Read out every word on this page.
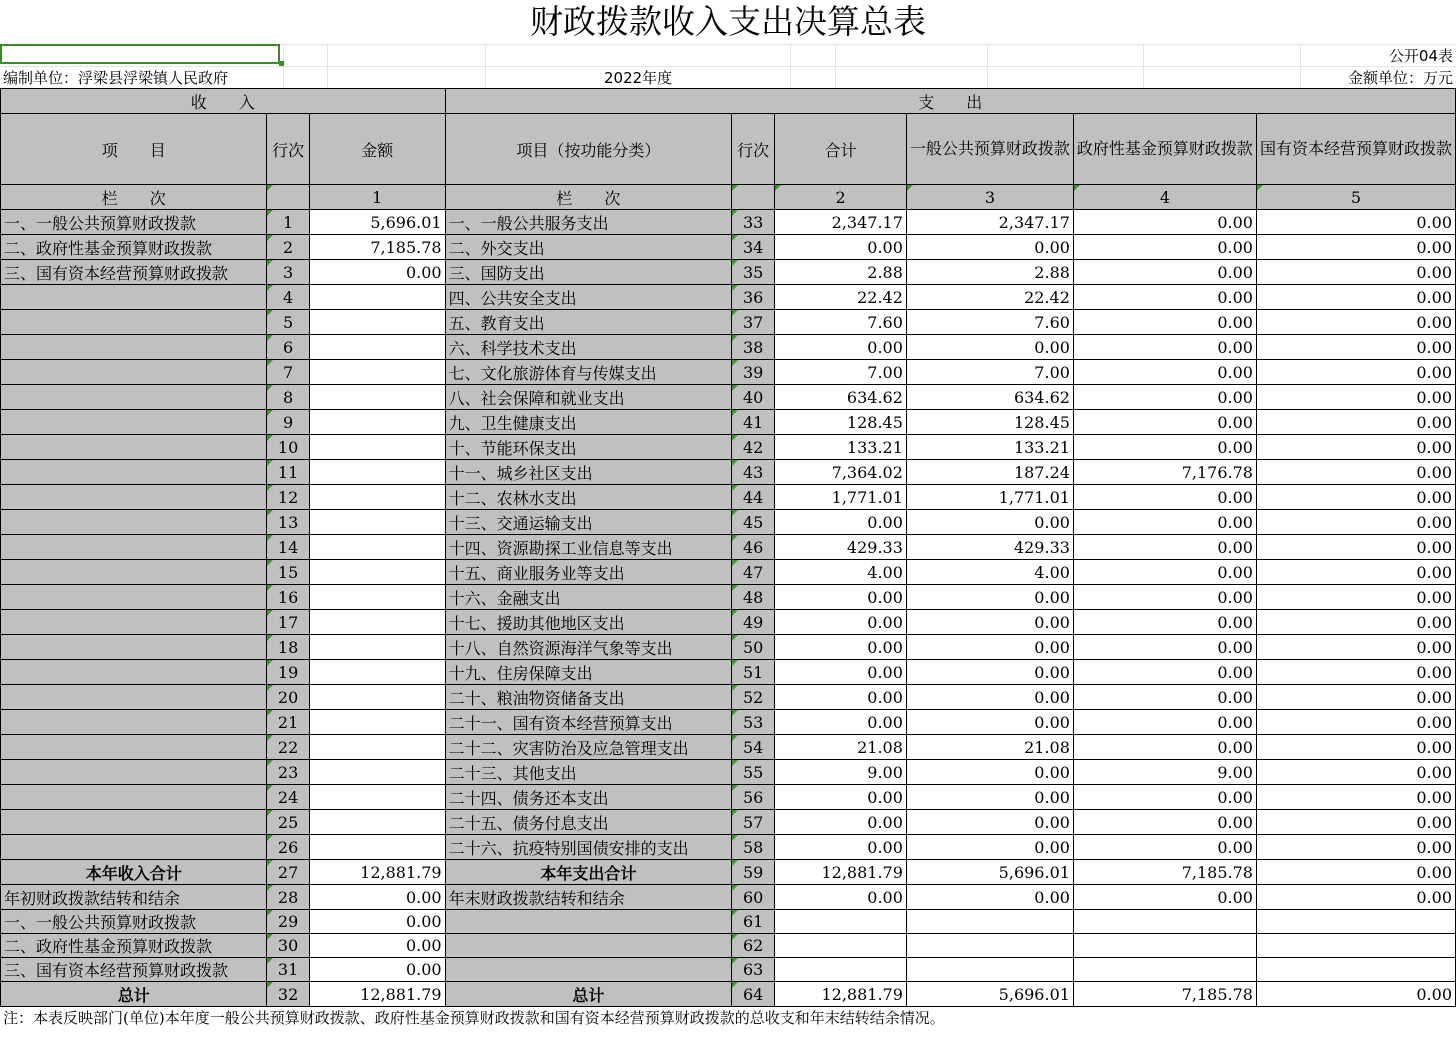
财政拨款收入支出决算总表
公开04表
编制单位：浮梁县浮梁镇人民政府	2022年度	金额单位：万元
收　　入			支　　出					
项　　目	行次	金额	项目（按功能分类）	行次	合计	一般公共预算财政拨款	政府性基金预算财政拨款	国有资本经营预算财政拨款
栏　　次		1	栏　　次		2	3	4	5
一、一般公共预算财政拨款	1	5,696.01	一、一般公共服务支出	33	2,347.17	2,347.17	0.00	0.00
二、政府性基金预算财政拨款	2	7,185.78	二、外交支出	34	0.00	0.00	0.00	0.00
三、国有资本经营预算财政拨款	3	0.00	三、国防支出	35	2.88	2.88	0.00	0.00
	4		四、公共安全支出	36	22.42	22.42	0.00	0.00
	5		五、教育支出	37	7.60	7.60	0.00	0.00
	6		六、科学技术支出	38	0.00	0.00	0.00	0.00
	7		七、文化旅游体育与传媒支出	39	7.00	7.00	0.00	0.00
	8		八、社会保障和就业支出	40	634.62	634.62	0.00	0.00
	9		九、卫生健康支出	41	128.45	128.45	0.00	0.00
	10		十、节能环保支出	42	133.21	133.21	0.00	0.00
	11		十一、城乡社区支出	43	7,364.02	187.24	7,176.78	0.00
	12		十二、农林水支出	44	1,771.01	1,771.01	0.00	0.00
	13		十三、交通运输支出	45	0.00	0.00	0.00	0.00
	14		十四、资源勘探工业信息等支出	46	429.33	429.33	0.00	0.00
	15		十五、商业服务业等支出	47	4.00	4.00	0.00	0.00
	16		十六、金融支出	48	0.00	0.00	0.00	0.00
	17		十七、援助其他地区支出	49	0.00	0.00	0.00	0.00
	18		十八、自然资源海洋气象等支出	50	0.00	0.00	0.00	0.00
	19		十九、住房保障支出	51	0.00	0.00	0.00	0.00
	20		二十、粮油物资储备支出	52	0.00	0.00	0.00	0.00
	21		二十一、国有资本经营预算支出	53	0.00	0.00	0.00	0.00
	22		二十二、灾害防治及应急管理支出	54	21.08	21.08	0.00	0.00
	23		二十三、其他支出	55	9.00	0.00	9.00	0.00
	24		二十四、债务还本支出	56	0.00	0.00	0.00	0.00
	25		二十五、债务付息支出	57	0.00	0.00	0.00	0.00
	26		二十六、抗疫特别国债安排的支出	58	0.00	0.00	0.00	0.00
本年收入合计	27	12,881.79	本年支出合计	59	12,881.79	5,696.01	7,185.78	0.00
年初财政拨款结转和结余	28	0.00	年末财政拨款结转和结余	60	0.00	0.00	0.00	0.00
一、一般公共预算财政拨款	29	0.00		61				
二、政府性基金预算财政拨款	30	0.00		62				
三、国有资本经营预算财政拨款	31	0.00		63				
总计	32	12,881.79	总计	64	12,881.79	5,696.01	7,185.78	0.00
注：本表反映部门(单位)本年度一般公共预算财政拨款、政府性基金预算财政拨款和国有资本经营预算财政拨款的总收支和年末结转结余情况。
